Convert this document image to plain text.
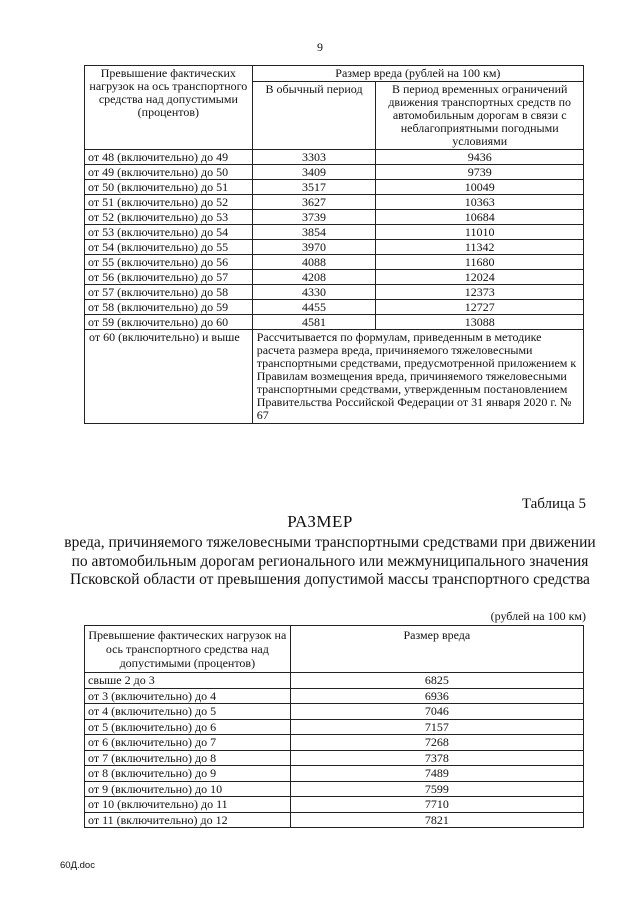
9
Превышение фактических нагрузок на ось транспортного средства над допустимыми (процентов)	Размер вреда (рублей на 100 км)	
	В обычный период	В период временных ограничений движения транспортных средств по автомобильным дорогам в связи с неблагоприятными погодными условиями
от 48 (включительно) до 49	3303	9436
от 49 (включительно) до 50	3409	9739
от 50 (включительно) до 51	3517	10049
от 51 (включительно) до 52	3627	10363
от 52 (включительно) до 53	3739	10684
от 53 (включительно) до 54	3854	11010
от 54 (включительно) до 55	3970	11342
от 55 (включительно) до 56	4088	11680
от 56 (включительно) до 57	4208	12024
от 57 (включительно) до 58	4330	12373
от 58 (включительно) до 59	4455	12727
от 59 (включительно) до 60	4581	13088
от 60 (включительно) и выше	Рассчитывается по формулам, приведенным в методике расчета размера вреда, причиняемого тяжеловесными транспортными средствами, предусмотренной приложением к Правилам возмещения вреда, причиняемого тяжеловесными транспортными средствами, утвержденным постановлением Правительства Российской Федерации от 31 января 2020 г. № 67	
Таблица 5
РАЗМЕР
вреда, причиняемого тяжеловесными транспортными средствами при движении по автомобильным дорогам регионального или межмуниципального значения Псковской области от превышения допустимой массы транспортного средства
(рублей на 100 км)
Превышение фактических нагрузок на ось транспортного средства над допустимыми (процентов)	Размер вреда
свыше 2 до 3	6825
от 3 (включительно) до 4	6936
от 4 (включительно) до 5	7046
от 5 (включительно) до 6	7157
от 6 (включительно) до 7	7268
от 7 (включительно) до 8	7378
от 8 (включительно) до 9	7489
от 9 (включительно) до 10	7599
от 10 (включительно) до 11	7710
от 11 (включительно) до 12	7821
60Д.doc
